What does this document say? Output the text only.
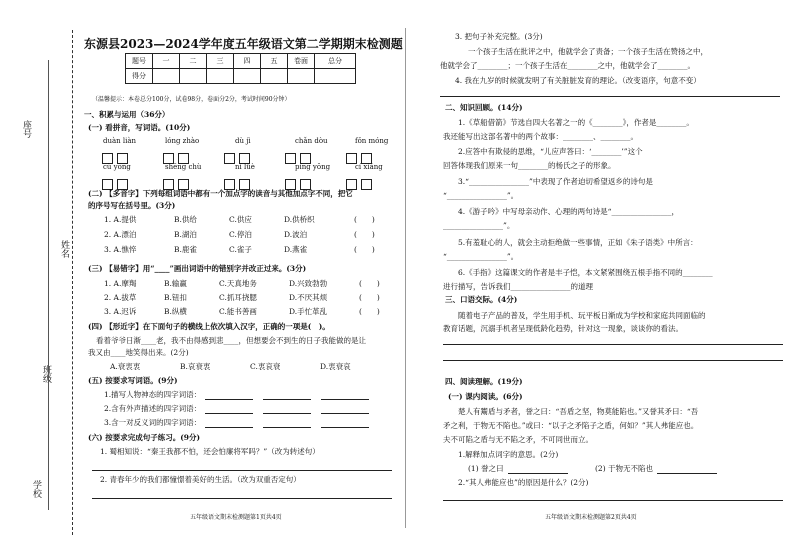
座号
姓名
班级
学校
东源县2023—2024学年度五年级语文第二学期期末检测题
题号	一	二	三	四	五	卷面	总分
得分							
（温馨提示：本卷总分100分，试卷98分，卷面分2分，考试时间90分钟）
一、积累与运用（36分）
(一) 看拼音，写词语。(10分)
duàn liàn	lóng zhào	dù jì	chǎn dòu	fǒn móng

cù yōng	shēng chù	ní lüè	píng yōng	cí xiáng

(二) 【多音字】下列每组词语中都有一个加点字的读音与其他加点字不同，把它
的序号写在括号里。(3分)
1. A.提供	B.供给	C.供应	D.供桥织	(　　)
2. A.漂泊	B.湖泊	C.停泊	D.波泊	(　　)
3. A.憔悴	B.鹿雀	C.雀子	D.燕雀	(　　)
(三) 【易错字】用“____”画出词语中的错别字并改正过来。(3分)
1. A.摩羯	B.输赢	C.天真地务	D.兴致勃勃	(　　)
2. A.拔草	B.钮扣	C.抓耳挠腮	D.不厌其烦	(　　)
3. A.迟诉	B.纵横	C.能书善画	D.手忙革乱	(　　)
(四) 【形近字】在下面句子的横线上依次填入汉字，正确的一项是(　)。
看着爷爷日渐____老，我不由得感到悲____，但想要会不到生的日子我能做的是让
我又由____地笑得出来。(2分)
A.衰衷衷	B.哀衰衷	C.衷哀衰	D.衷衰哀
(五) 按要求写词语。(9分)
1.描写人物神态的四字词语：
2.含有外声描述的四字词语：
3.含一对反义词的四字词语：
(六) 按要求完成句子练习。(9分)
1. 蜀相知说：“秦王我都不怕，还会怕廉将军吗？”（改为转述句）
2. 青春年少的我们都憧憬着美好的生活。（改为双重否定句）
五年级语文期末检测题第1页共4页
3. 把句子补充完整。(3分)
一个孩子生活在批评之中，他就学会了责备；一个孩子生活在赞扬之中，
他就学会了________；一个孩子生活在________之中，他就学会了________。
4. 我在九岁的时候就发明了有关脏脏发育的理论。（改变语序，句意不变）
二、知识回顾。(14分)
1.《草船借箭》节选自四大名著之一的《________》，作者是________。
我还能写出这部名著中的两个故事：________、________。
2.应答中有欺侵的思维，“儿应声答曰：‘________’”这个
回答体现我们原来一句________的杨氏之子的形象。
3.“________________”中表现了作者迫切希望返乡的诗句是
“________________”。
4.《游子吟》中写母亲动作、心理的两句诗是“________________，
________________”。
5.有羞耻心的人，就会主动拒绝做一些事情，正如《朱子语类》中所言：
“________________”。
6.《手指》这篇课文的作者是丰子恺，本文紧紧围绕五根手指不同的________
进行描写，告诉我们________________的道理
三、口语交际。(4分)
随着电子产品的普及，学生用手机、玩平板日渐成为学校和家庭共同面临的
教育话题，沉溺手机者呈现低龄化趋势，针对这一现象，谈谈你的看法。
四、阅读理解。(19分)
(一) 课内阅读。(6分)
楚人有鬻盾与矛者，誉之曰：“吾盾之坚，物莫能陷也。”又誉其矛曰：“吾
矛之利，于物无不陷也。”或曰：“以子之矛陷子之盾，何如？”其人弗能应也。
夫不可陷之盾与无不陷之矛，不可同世而立。
1.解释加点词字的意思。(2分)
(1) 誉之曰	(2) 于物无不陷也
2.“其人弗能应也”的原因是什么？(2分)
五年级语文期末检测题第2页共4页
